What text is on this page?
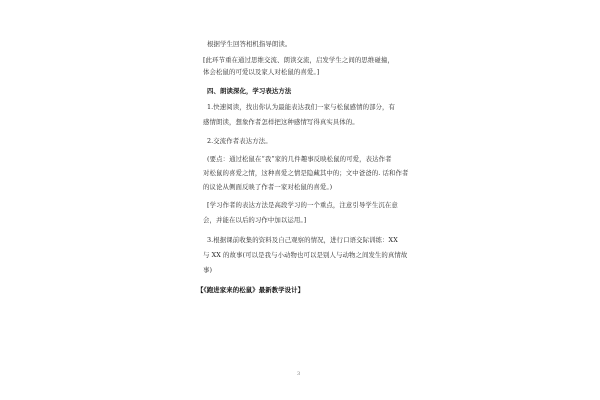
根据学生回答相机指导朗读。
[此环节重在通过思维交流、朗读交流，启发学生之间的思维碰撞，
体会松鼠的可爱以及家人对松鼠的喜爱。]
四、朗读深化，学习表达方法
1.快速阅读，找出你认为最能表达我们一家与松鼠感情的部分，有
感情朗读，想象作者怎样把这种感情写得真实具体的。
2.交流作者表达方法。
(要点：通过松鼠在“我”家的几件趣事反映松鼠的可爱，表达作者
对松鼠的喜爱之情，这种喜爱之情是隐藏其中的；文中爸爸的. 话和作者
的议论从侧面反映了作者一家对松鼠的喜爱。)
[学习作者的表达方法是高段学习的一个重点，注意引导学生沉在意
会，并能在以后的习作中加以运用。]
3.根据课前收集的资料及自己观察的情况，进行口语交际训练：XX
与 XX 的故事(可以是我与小动物也可以是别人与动物之间发生的真情故
事)
【《跑进家来的松鼠》最新教学设计】
3
